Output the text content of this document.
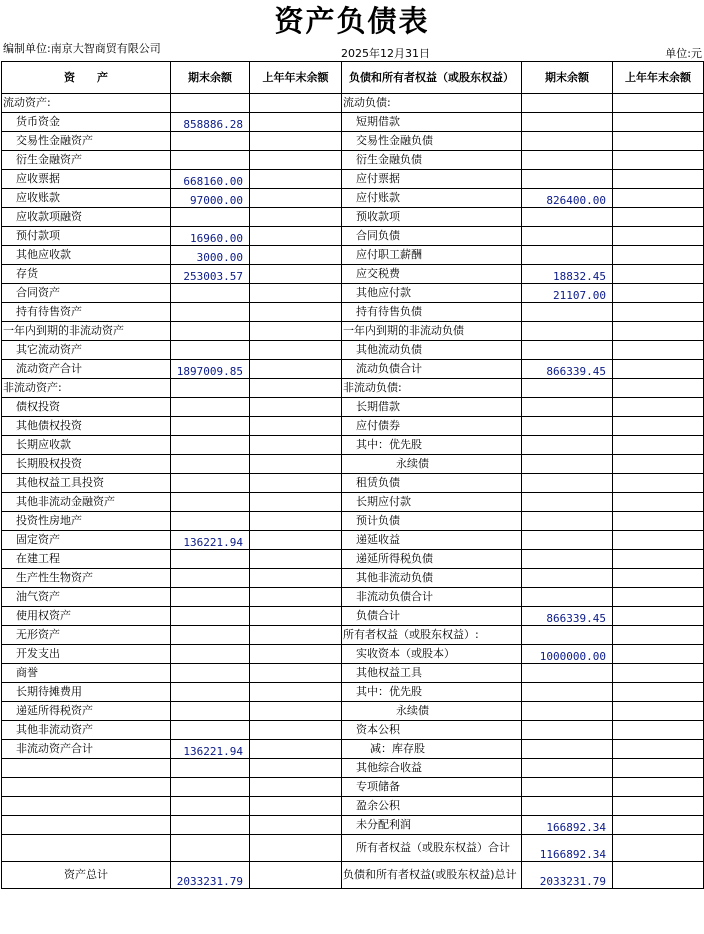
资产负债表
编制单位:南京大智商贸有限公司	2025年12月31日	单位:元
资　　产	期末余额	上年年末余额	负债和所有者权益（或股东权益）	期末余额	上年年末余额
流动资产:			流动负债:		
货币资金	858886.28		短期借款		
交易性金融资产			交易性金融负债		
衍生金融资产			衍生金融负债		
应收票据	668160.00		应付票据		
应收账款	97000.00		应付账款	826400.00	
应收款项融资			预收款项		
预付款项	16960.00		合同负债		
其他应收款	3000.00		应付职工薪酬		
存货	253003.57		应交税费	18832.45	
合同资产			其他应付款	21107.00	
持有待售资产			持有待售负债		
一年内到期的非流动资产			一年内到期的非流动负债		
其它流动资产			其他流动负债		
流动资产合计	1897009.85		流动负债合计	866339.45	
非流动资产:			非流动负债:		
债权投资			长期借款		
其他债权投资			应付债券		
长期应收款			其中：优先股		
长期股权投资			永续债		
其他权益工具投资			租赁负债		
其他非流动金融资产			长期应付款		
投资性房地产			预计负债		
固定资产	136221.94		递延收益		
在建工程			递延所得税负债		
生产性生物资产			其他非流动负债		
油气资产			非流动负债合计		
使用权资产			负债合计	866339.45	
无形资产			所有者权益（或股东权益）:		
开发支出			实收资本（或股本）	1000000.00	
商誉			其他权益工具		
长期待摊费用			其中：优先股		
递延所得税资产			永续债		
其他非流动资产			资本公积		
非流动资产合计	136221.94		减：库存股		
			其他综合收益		
			专项储备		
			盈余公积		
			未分配利润	166892.34	
			所有者权益（或股东权益）合计	1166892.34	
资产总计	2033231.79		负债和所有者权益(或股东权益)总计	2033231.79	
